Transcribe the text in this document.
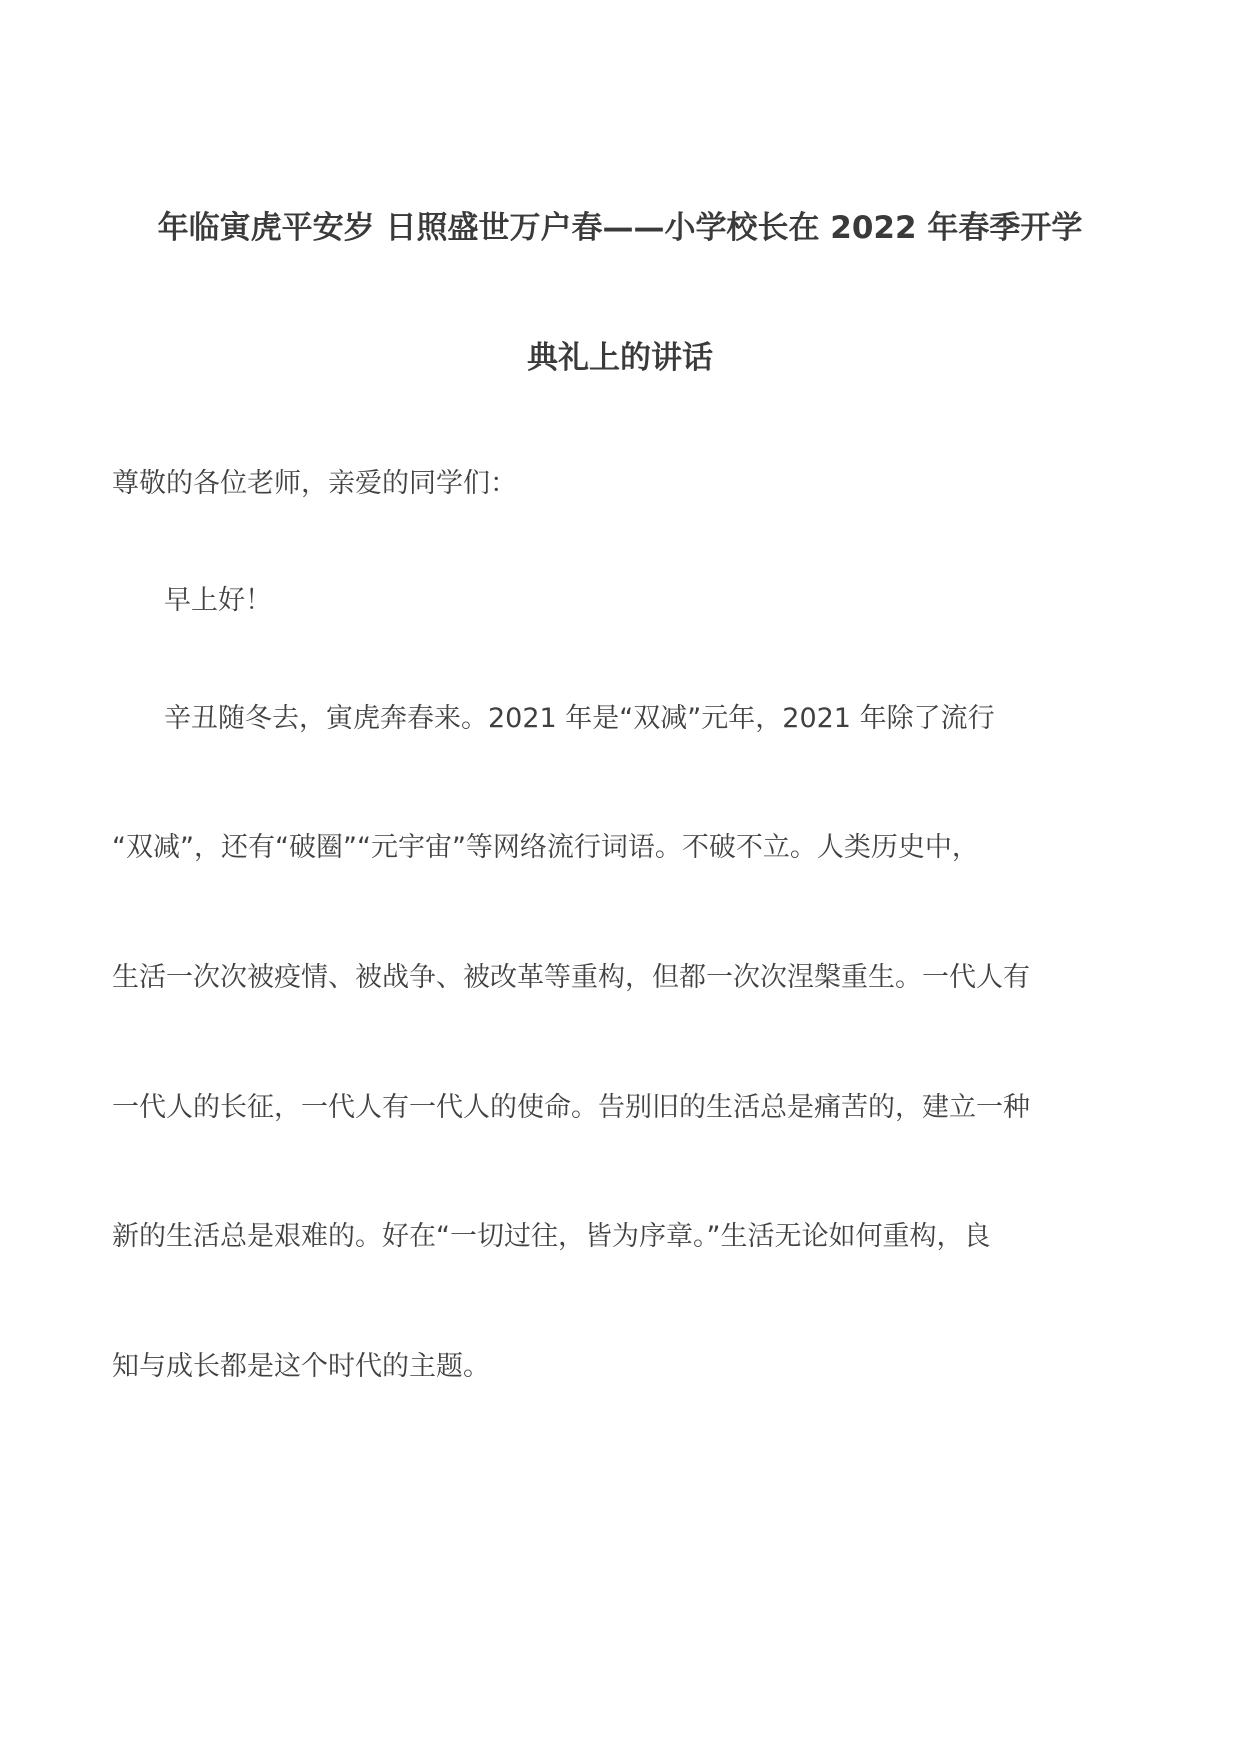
年临寅虎平安岁 日照盛世万户春——小学校长在 2022 年春季开学
典礼上的讲话
尊敬的各位老师，亲爱的同学们：
早上好！
辛丑随冬去，寅虎奔春来。2021 年是“双减”元年，2021 年除了流行
“双减”，还有“破圈”“元宇宙”等网络流行词语。不破不立。人类历史中，
生活一次次被疫情、被战争、被改革等重构，但都一次次涅槃重生。一代人有
一代人的长征，一代人有一代人的使命。告别旧的生活总是痛苦的，建立一种
新的生活总是艰难的。好在“一切过往，皆为序章。”生活无论如何重构，良
知与成长都是这个时代的主题。
